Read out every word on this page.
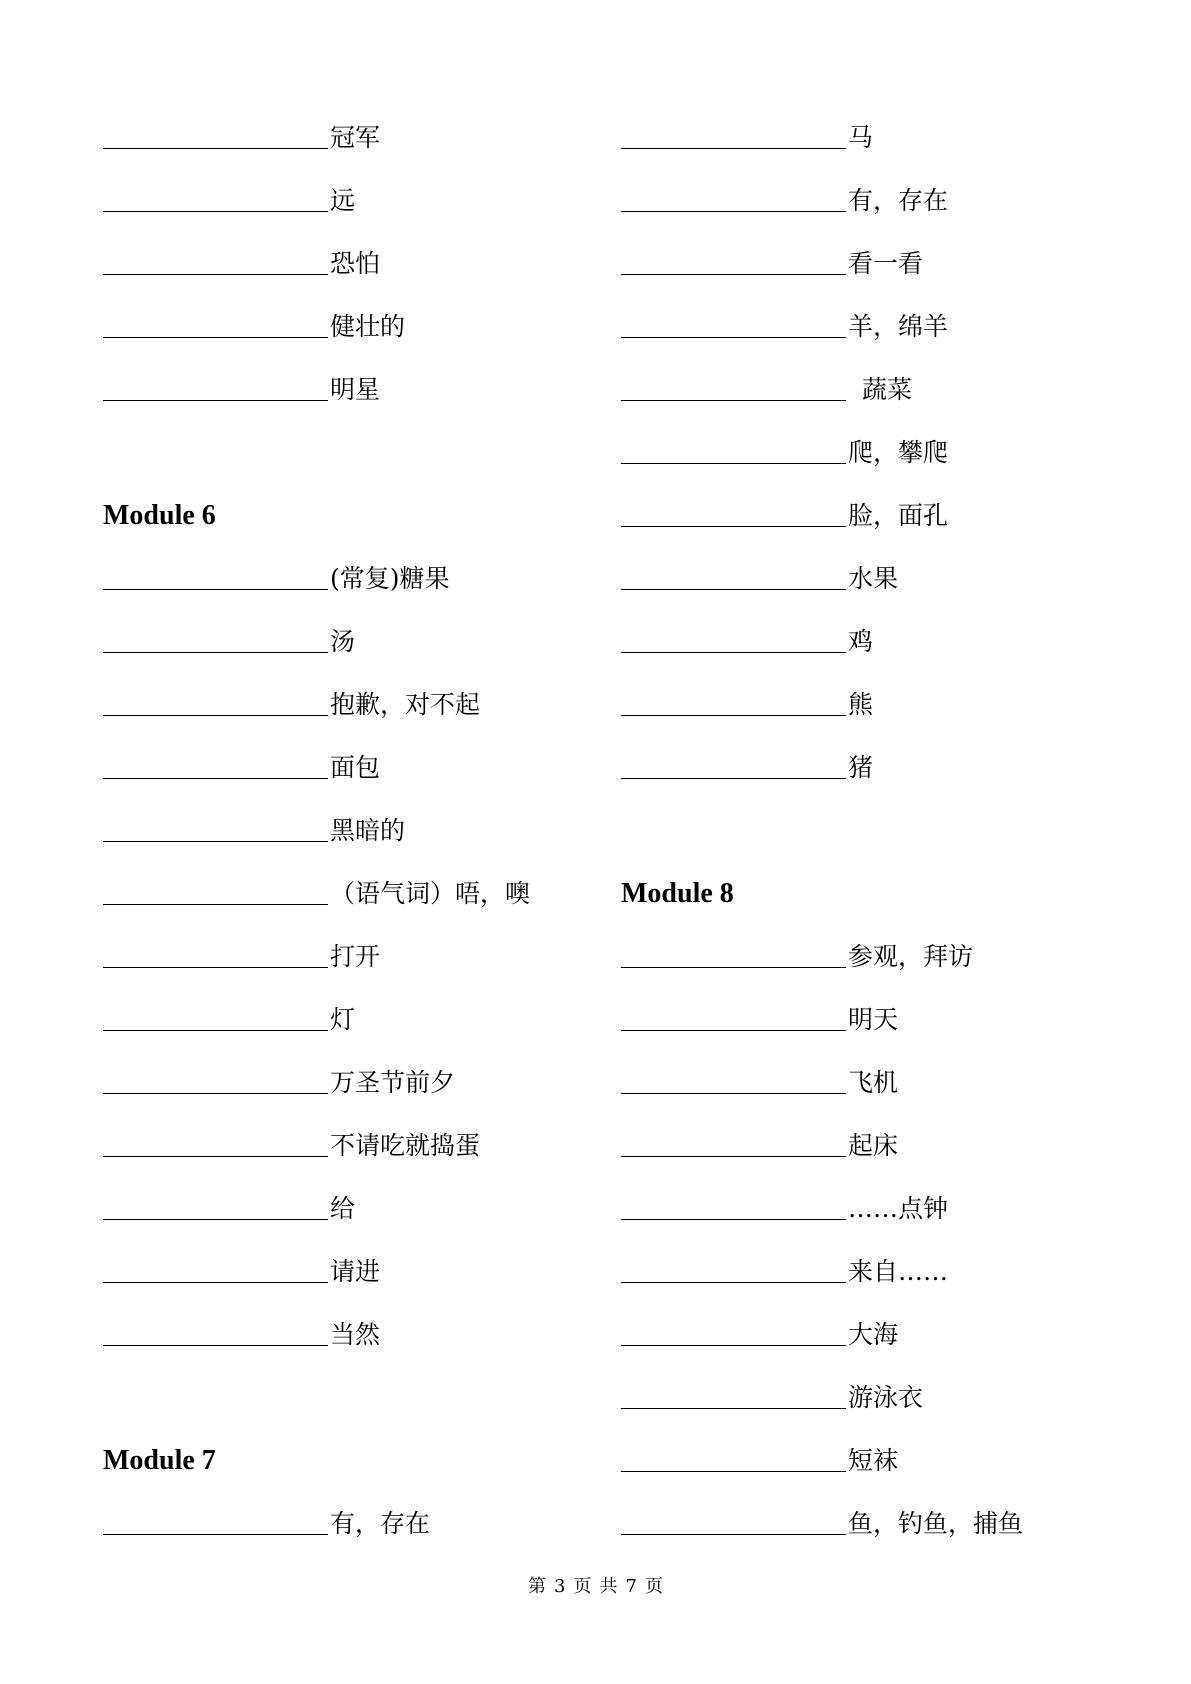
冠军
远
恐怕
健壮的
明星
Module 6
(常复)糖果
汤
抱歉，对不起
面包
黑暗的
（语气词）唔，噢
打开
灯
万圣节前夕
不请吃就捣蛋
给
请进
当然
Module 7
有，存在
马
有，存在
看一看
羊，绵羊
蔬菜
爬，攀爬
脸，面孔
水果
鸡
熊
猪
Module 8
参观，拜访
明天
飞机
起床
……点钟
来自……
大海
游泳衣
短袜
鱼，钓鱼，捕鱼
第 3 页 共 7 页
